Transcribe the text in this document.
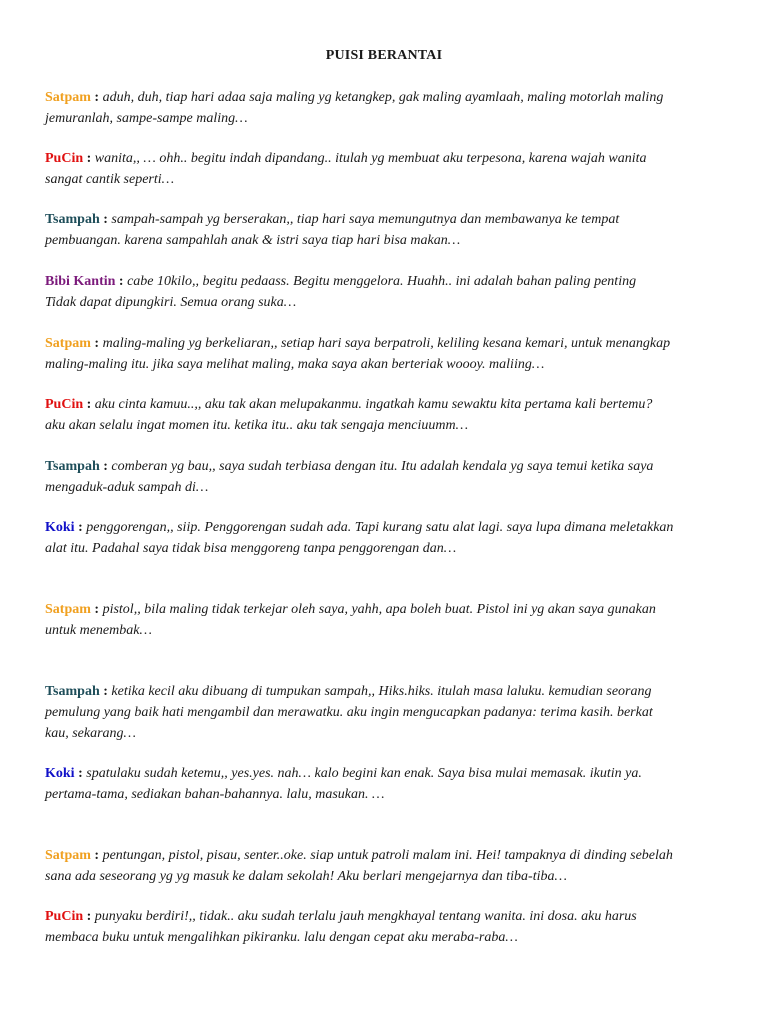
PUISI BERANTAI
Satpam : aduh, duh, tiap hari adaa saja maling yg ketangkep, gak maling ayamlaah, maling motorlah maling
jemuranlah, sampe-sampe maling…
PuCin : wanita,, … ohh.. begitu indah dipandang.. itulah yg membuat aku terpesona, karena wajah wanita
sangat cantik seperti…
Tsampah : sampah-sampah yg berserakan,, tiap hari saya memungutnya dan membawanya ke tempat
pembuangan. karena sampahlah anak & istri saya tiap hari bisa makan…
Bibi Kantin : cabe 10kilo,, begitu pedaass. Begitu menggelora. Huahh.. ini adalah bahan paling penting
Tidak dapat dipungkiri. Semua orang suka…
Satpam : maling-maling yg berkeliaran,, setiap hari saya berpatroli, keliling kesana kemari, untuk menangkap
maling-maling itu. jika saya melihat maling, maka saya akan berteriak woooy. maliing…
PuCin : aku cinta kamuu..,, aku tak akan melupakanmu. ingatkah kamu sewaktu kita pertama kali bertemu?
aku akan selalu ingat momen itu. ketika itu.. aku tak sengaja menciuumm…
Tsampah : comberan yg bau,, saya sudah terbiasa dengan itu. Itu adalah kendala yg saya temui ketika saya
mengaduk-aduk sampah di…
Koki : penggorengan,, siip. Penggorengan sudah ada. Tapi kurang satu alat lagi. saya lupa dimana meletakkan
alat itu. Padahal saya tidak bisa menggoreng tanpa penggorengan dan…
Satpam : pistol,, bila maling tidak terkejar oleh saya, yahh, apa boleh buat. Pistol ini yg akan saya gunakan
untuk menembak…
Tsampah : ketika kecil aku dibuang di tumpukan sampah,, Hiks.hiks. itulah masa laluku. kemudian seorang
pemulung yang baik hati mengambil dan merawatku. aku ingin mengucapkan padanya: terima kasih. berkat
kau, sekarang…
Koki : spatulaku sudah ketemu,, yes.yes. nah… kalo begini kan enak. Saya bisa mulai memasak. ikutin ya.
pertama-tama, sediakan bahan-bahannya. lalu, masukan. …
Satpam : pentungan, pistol, pisau, senter..oke. siap untuk patroli malam ini. Hei! tampaknya di dinding sebelah
sana ada seseorang yg yg masuk ke dalam sekolah! Aku berlari mengejarnya dan tiba-tiba…
PuCin : punyaku berdiri!,, tidak.. aku sudah terlalu jauh mengkhayal tentang wanita. ini dosa. aku harus
membaca buku untuk mengalihkan pikiranku. lalu dengan cepat aku meraba-raba…
